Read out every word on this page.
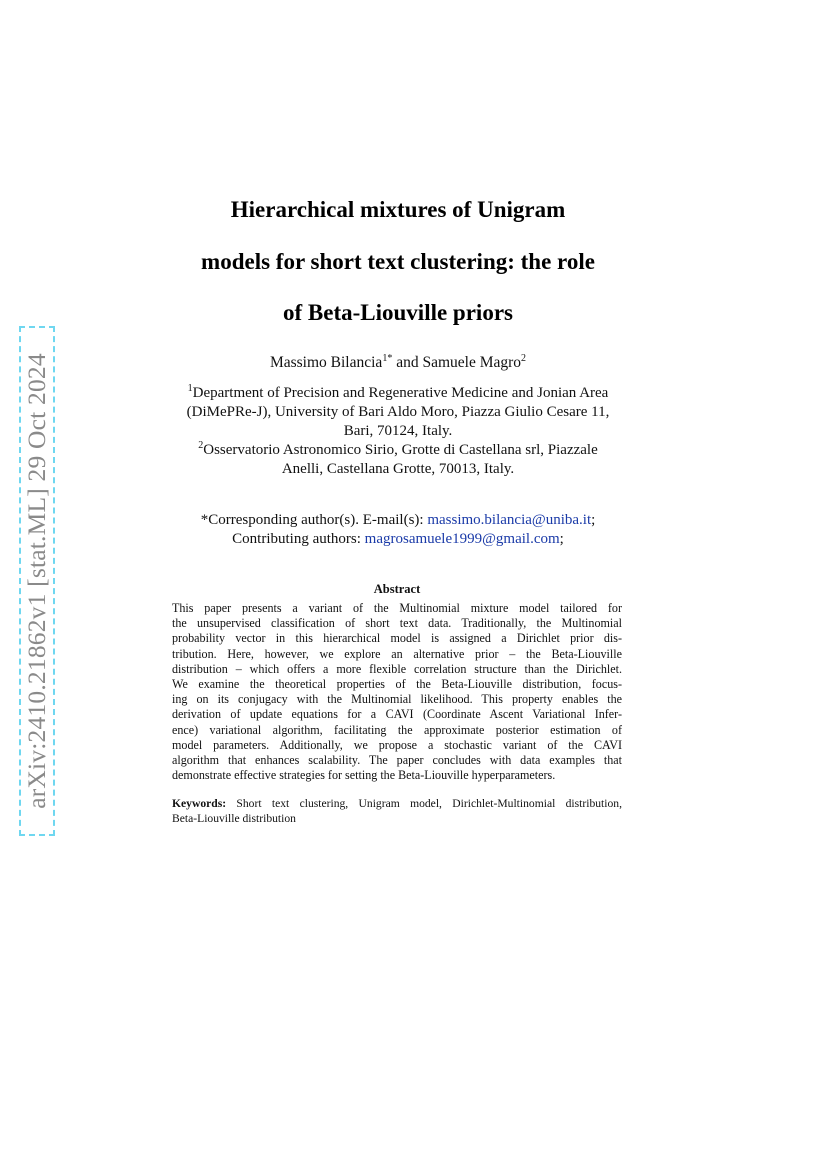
arXiv:2410.21862v1 [stat.ML] 29 Oct 2024
Hierarchical mixtures of Unigram
models for short text clustering: the role
of Beta-Liouville priors
Massimo Bilancia$^{1*}$ and Samuele Magro$^2$
$^1$Department of Precision and Regenerative Medicine and Jonian Area
(DiMePRe-J), University of Bari Aldo Moro, Piazza Giulio Cesare 11,
Bari, 70124, Italy.
$^2$Osservatorio Astronomico Sirio, Grotte di Castellana srl, Piazzale
Anelli, Castellana Grotte, 70013, Italy.
*Corresponding author(s). E-mail(s): massimo.bilancia@uniba.it;
Contributing authors: magrosamuele1999@gmail.com;
Abstract
This paper presents a variant of the Multinomial mixture model tailored for
the unsupervised classification of short text data. Traditionally, the Multinomial
probability vector in this hierarchical model is assigned a Dirichlet prior dis-
tribution. Here, however, we explore an alternative prior – the Beta-Liouville
distribution – which offers a more flexible correlation structure than the Dirichlet.
We examine the theoretical properties of the Beta-Liouville distribution, focus-
ing on its conjugacy with the Multinomial likelihood. This property enables the
derivation of update equations for a CAVI (Coordinate Ascent Variational Infer-
ence) variational algorithm, facilitating the approximate posterior estimation of
model parameters. Additionally, we propose a stochastic variant of the CAVI
algorithm that enhances scalability. The paper concludes with data examples that
demonstrate effective strategies for setting the Beta-Liouville hyperparameters.
Keywords: Short text clustering, Unigram model, Dirichlet-Multinomial distribution,
Beta-Liouville distribution
